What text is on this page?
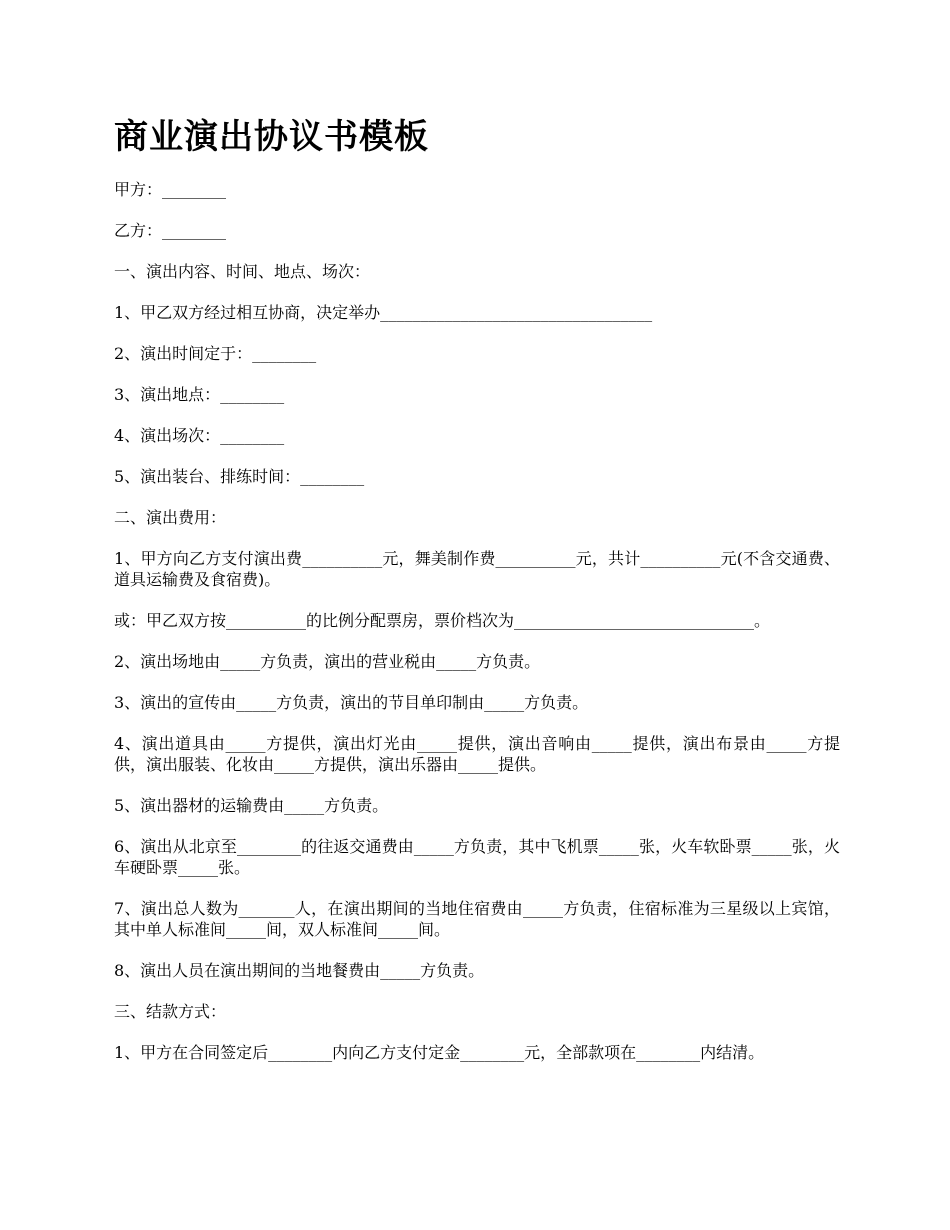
商业演出协议书模板

甲方：________

乙方：________

一、演出内容、时间、地点、场次：

1、甲乙双方经过相互协商，决定举办__________________________________

2、演出时间定于：________

3、演出地点：________

4、演出场次：________

5、演出装台、排练时间：________

二、演出费用：

1、甲方向乙方支付演出费__________元，舞美制作费__________元，共计__________元(不含交通费、道具运输费及食宿费)。

或：甲乙双方按__________的比例分配票房，票价档次为______________________________。

2、演出场地由_____方负责，演出的营业税由_____方负责。

3、演出的宣传由_____方负责，演出的节目单印制由_____方负责。

4、演出道具由_____方提供，演出灯光由_____提供，演出音响由_____提供，演出布景由_____方提供，演出服装、化妆由_____方提供，演出乐器由_____提供。

5、演出器材的运输费由_____方负责。

6、演出从北京至________的往返交通费由_____方负责，其中飞机票_____张，火车软卧票_____张，火车硬卧票_____张。

7、演出总人数为_______人，在演出期间的当地住宿费由_____方负责，住宿标准为三星级以上宾馆，其中单人标准间_____间，双人标准间_____间。

8、演出人员在演出期间的当地餐费由_____方负责。

三、结款方式：

1、甲方在合同签定后________内向乙方支付定金________元，全部款项在________内结清。
